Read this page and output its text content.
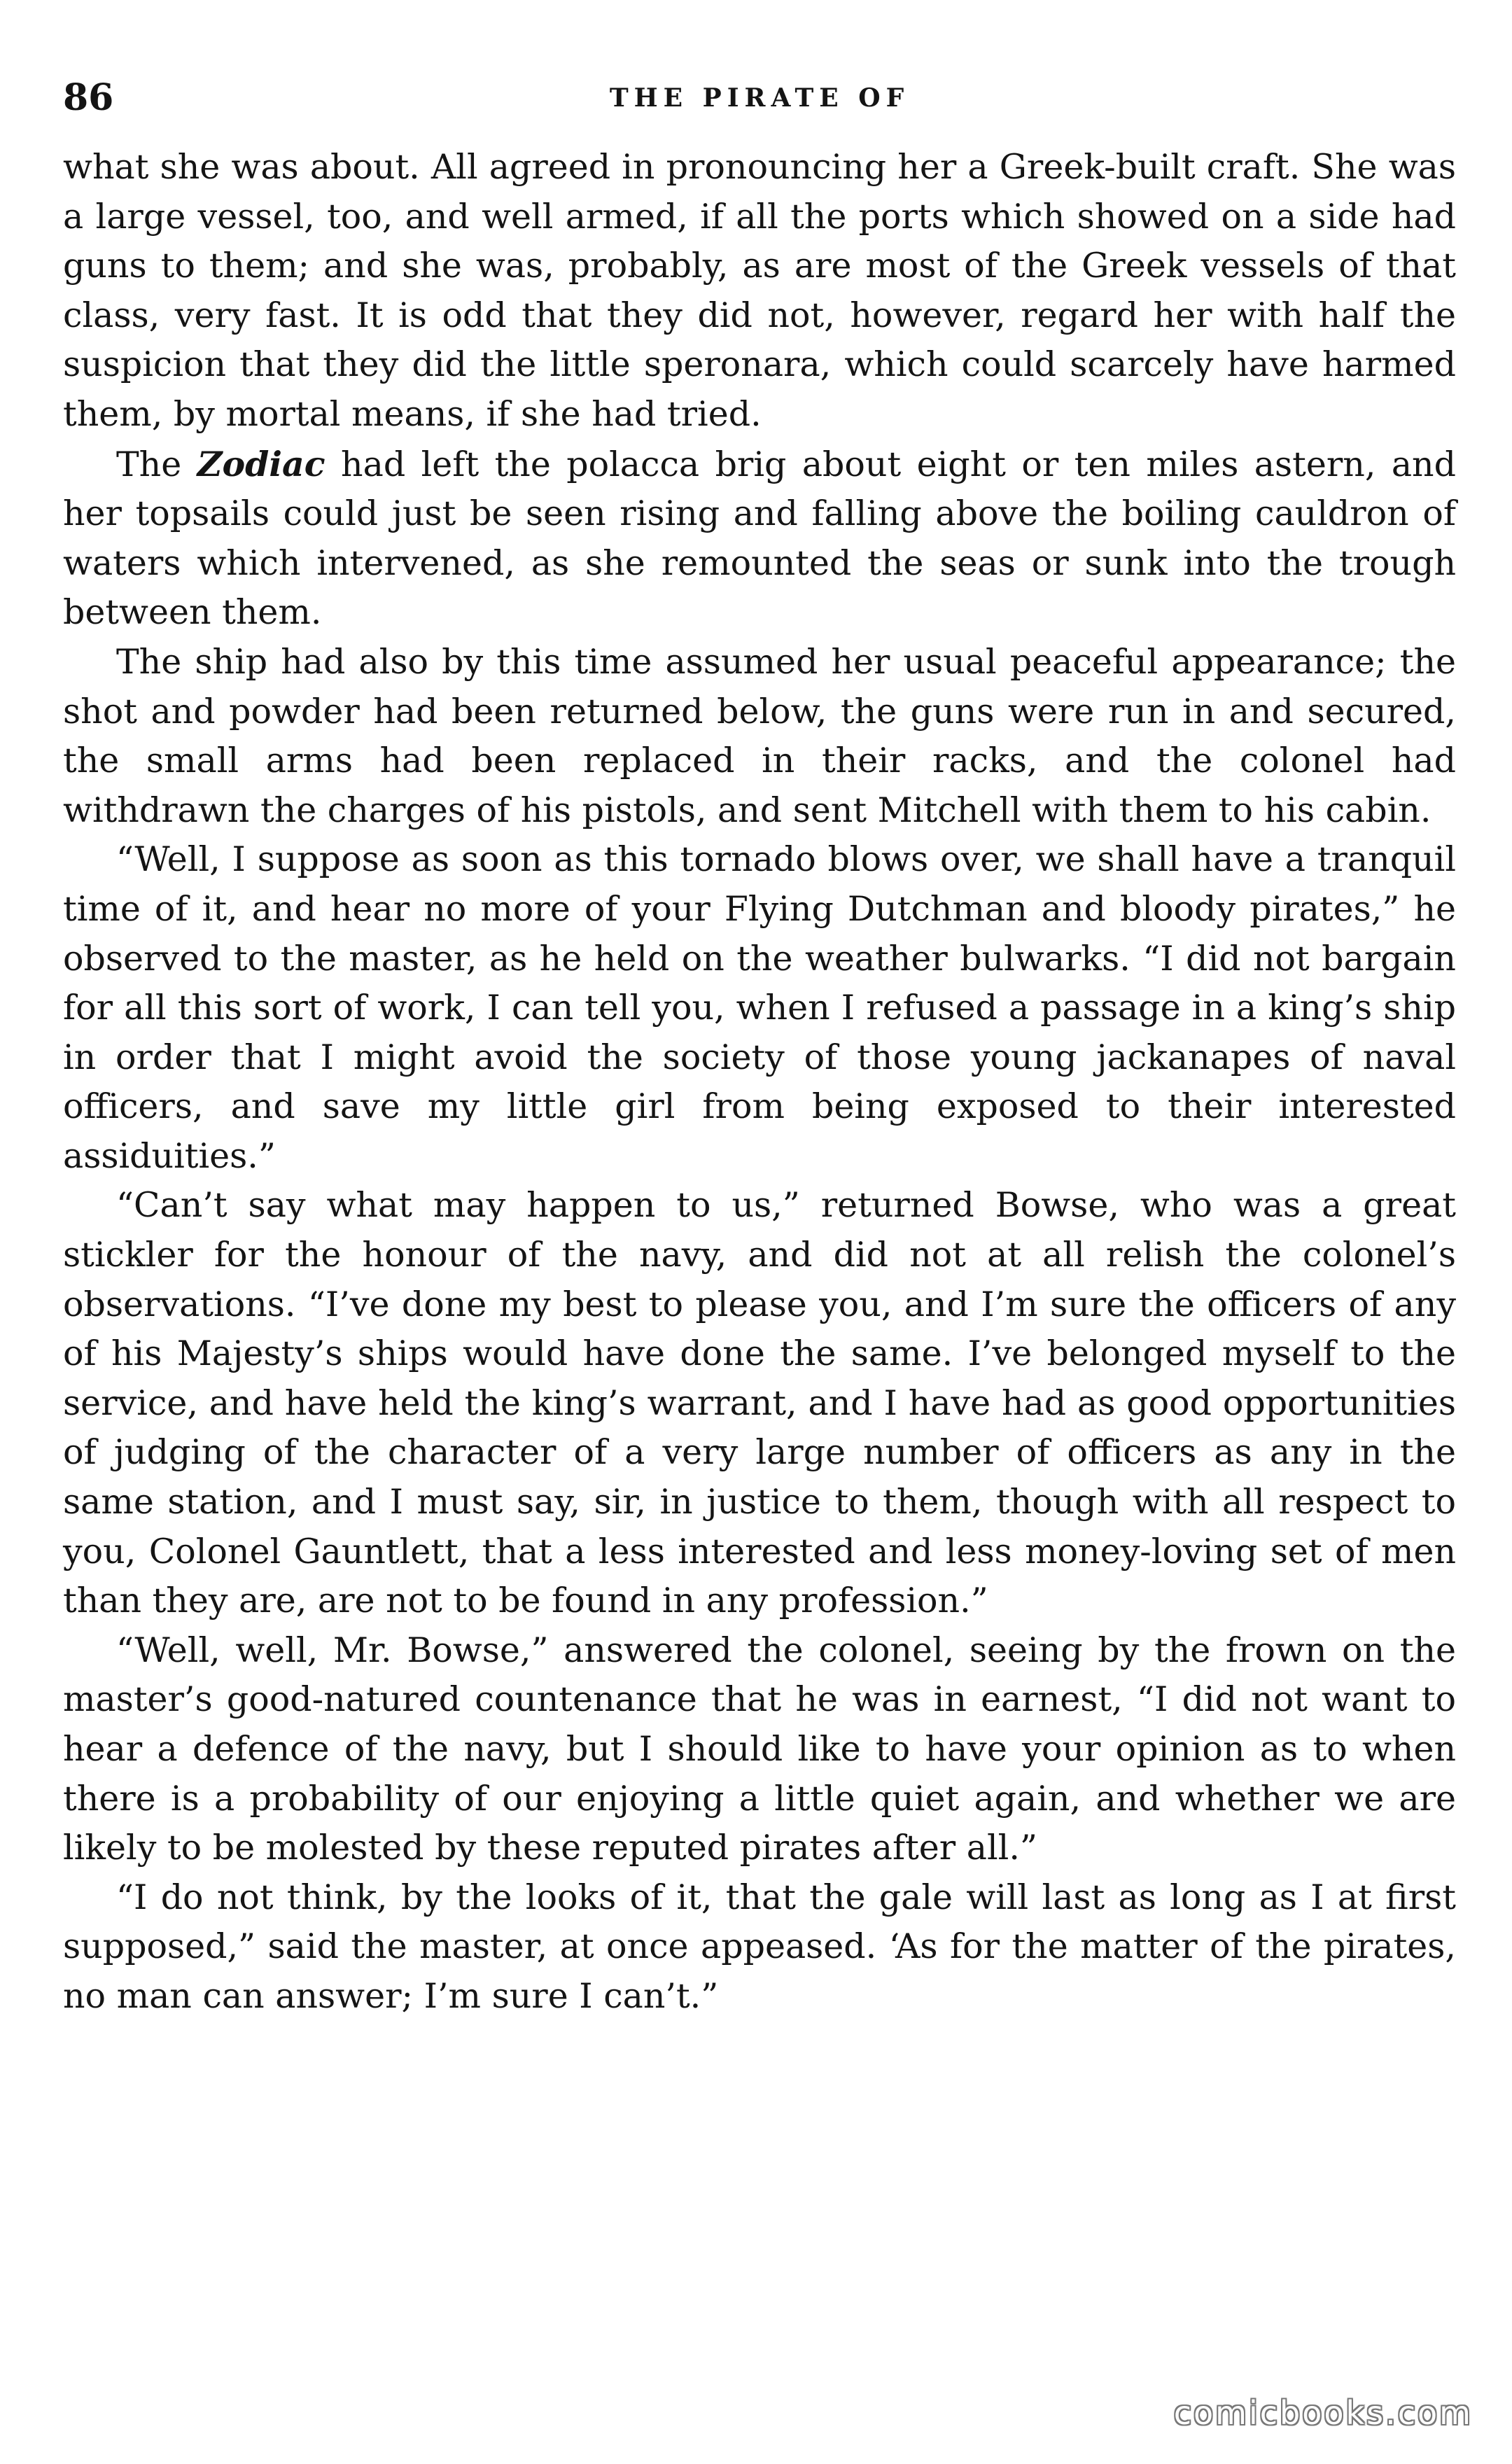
86	THE PIRATE OF

what she was about. All agreed in pronouncing her a Greek-built craft. She was a large vessel, too, and well armed, if all the ports which showed on a side had guns to them; and she was, probably, as are most of the Greek vessels of that class, very fast. It is odd that they did not, however, regard her with half the suspicion that they did the little speronara, which could scarcely have harmed them, by mortal means, if she had tried.

The Zodiac had left the polacca brig about eight or ten miles astern, and her topsails could just be seen rising and falling above the boiling cauldron of waters which intervened, as she remounted the seas or sunk into the trough between them.

The ship had also by this time assumed her usual peaceful appearance; the shot and powder had been returned below, the guns were run in and secured, the small arms had been replaced in their racks, and the colonel had withdrawn the charges of his pistols, and sent Mitchell with them to his cabin.

“Well, I suppose as soon as this tornado blows over, we shall have a tranquil time of it, and hear no more of your Flying Dutchman and bloody pirates,” he observed to the master, as he held on the weather bulwarks. “I did not bargain for all this sort of work, I can tell you, when I refused a passage in a king’s ship in order that I might avoid the society of those young jackanapes of naval officers, and save my little girl from being exposed to their interested assiduities.”

“Can’t say what may happen to us,” returned Bowse, who was a great stickler for the honour of the navy, and did not at all relish the colonel’s observations. “I’ve done my best to please you, and I’m sure the officers of any of his Majesty’s ships would have done the same. I’ve belonged myself to the service, and have held the king’s warrant, and I have had as good opportunities of judging of the character of a very large number of officers as any in the same station, and I must say, sir, in justice to them, though with all respect to you, Colonel Gauntlett, that a less interested and less money-loving set of men than they are, are not to be found in any profession.”

“Well, well, Mr. Bowse,” answered the colonel, seeing by the frown on the master’s good-natured countenance that he was in earnest, “I did not want to hear a defence of the navy, but I should like to have your opinion as to when there is a probability of our enjoying a little quiet again, and whether we are likely to be molested by these reputed pirates after all.”

“I do not think, by the looks of it, that the gale will last as long as I at first supposed,” said the master, at once appeased. ‘As for the matter of the pirates, no man can answer; I’m sure I can’t.”

comicbooks.com
